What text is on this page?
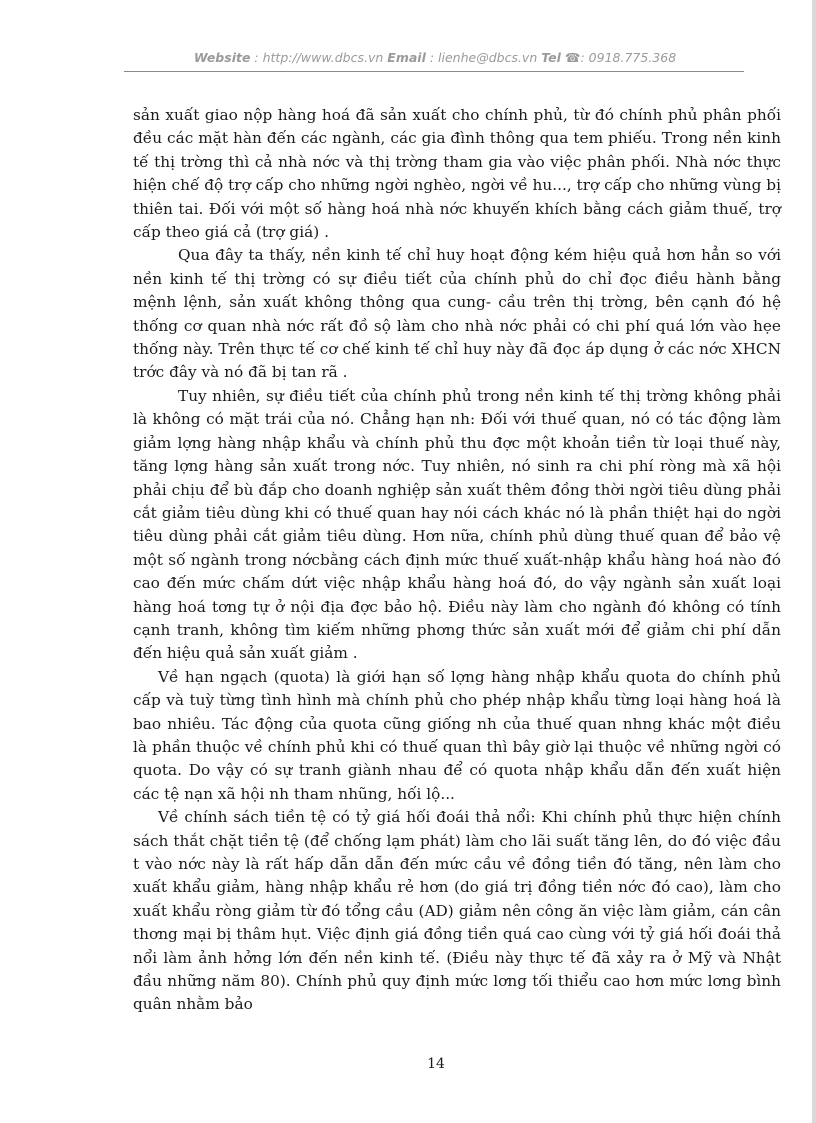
Website : http://www.dbcs.vn Email : lienhe@dbcs.vn Tel ☎: 0918.775.368

sản xuất giao nộp hàng hoá đã sản xuất cho chính phủ, từ đó chính phủ phân phối đều các mặt hàn đến các ngành, các gia đình thông qua tem phiếu. Trong nền kinh tế thị trờng thì cả nhà nớc và thị trờng tham gia vào việc phân phối. Nhà nớc thực hiện chế độ trợ cấp cho những ngời nghèo, ngời về hu..., trợ cấp cho những vùng bị thiên tai. Đối với một số hàng hoá nhà nớc khuyến khích bằng cách giảm thuế, trợ cấp theo giá cả (trợ giá) .

Qua đây ta thấy, nền kinh tế chỉ huy hoạt động kém hiệu quả hơn hẳn so với nền kinh tế thị trờng có sự điều tiết của chính phủ do chỉ đọc điều hành bằng mệnh lệnh, sản xuất không thông qua cung- cầu trên thị trờng, bên cạnh đó hệ thống cơ quan nhà nớc rất đồ sộ làm cho nhà nớc phải có chi phí quá lớn vào hẹe thống này. Trên thực tế cơ chế kinh tế chỉ huy này đã đọc áp dụng ở các nớc XHCN trớc đây và nó đã bị tan rã .

Tuy nhiên, sự điều tiết của chính phủ trong nền kinh tế thị trờng không phải là không có mặt trái của nó. Chẳng hạn nh: Đối với thuế quan, nó có tác động làm giảm lợng hàng nhập khẩu và chính phủ thu đợc một khoản tiền từ loại thuế này, tăng lợng hàng sản xuất trong nớc. Tuy nhiên, nó sinh ra chi phí ròng mà xã hội phải chịu để bù đắp cho doanh nghiệp sản xuất thêm đồng thời ngời tiêu dùng phải cắt giảm tiêu dùng khi có thuế quan hay nói cách khác nó là phần thiệt hại do ngời tiêu dùng phải cắt giảm tiêu dùng. Hơn nữa, chính phủ dùng thuế quan để bảo vệ một số ngành trong nớcbằng cách định mức thuế xuất-nhập khẩu hàng hoá nào đó cao đến mức chấm dứt việc nhập khẩu hàng hoá đó, do vậy ngành sản xuất loại hàng hoá tơng tự ở nội địa đợc bảo hộ. Điều này làm cho ngành đó không có tính cạnh tranh, không tìm kiếm những phơng thức sản xuất mới để giảm chi phí dẫn đến hiệu quả sản xuất giảm .

Về hạn ngạch (quota) là giới hạn số lợng hàng nhập khẩu quota do chính phủ cấp và tuỳ từng tình hình mà chính phủ cho phép nhập khẩu từng loại hàng hoá là bao nhiêu. Tác động của quota cũng giống nh của thuế quan nhng khác một điều là phần thuộc về chính phủ khi có thuế quan thì bây giờ lại thuộc về những ngời có quota. Do vậy có sự tranh giành nhau để có quota nhập khẩu dẫn đến xuất hiện các tệ nạn xã hội nh tham nhũng, hối lộ...

Về chính sách tiền tệ có tỷ giá hối đoái thả nổi: Khi chính phủ thực hiện chính sách thắt chặt tiền tệ (để chống lạm phát) làm cho lãi suất tăng lên, do đó việc đầu t vào nớc này là rất hấp dẫn dẫn đến mức cầu về đồng tiền đó tăng, nên làm cho xuất khẩu giảm, hàng nhập khẩu rẻ hơn (do giá trị đồng tiền nớc đó cao), làm cho xuất khẩu ròng giảm từ đó tổng cầu (AD) giảm nên công ăn việc làm giảm, cán cân thơng mại bị thâm hụt. Việc định giá đồng tiền quá cao cùng với tỷ giá hối đoái thả nổi làm ảnh hởng lớn đến nền kinh tế. (Điều này thực tế đã xảy ra ở Mỹ và Nhật đầu những năm 80). Chính phủ quy định mức lơng tối thiểu cao hơn mức lơng bình quân nhằm bảo

14
